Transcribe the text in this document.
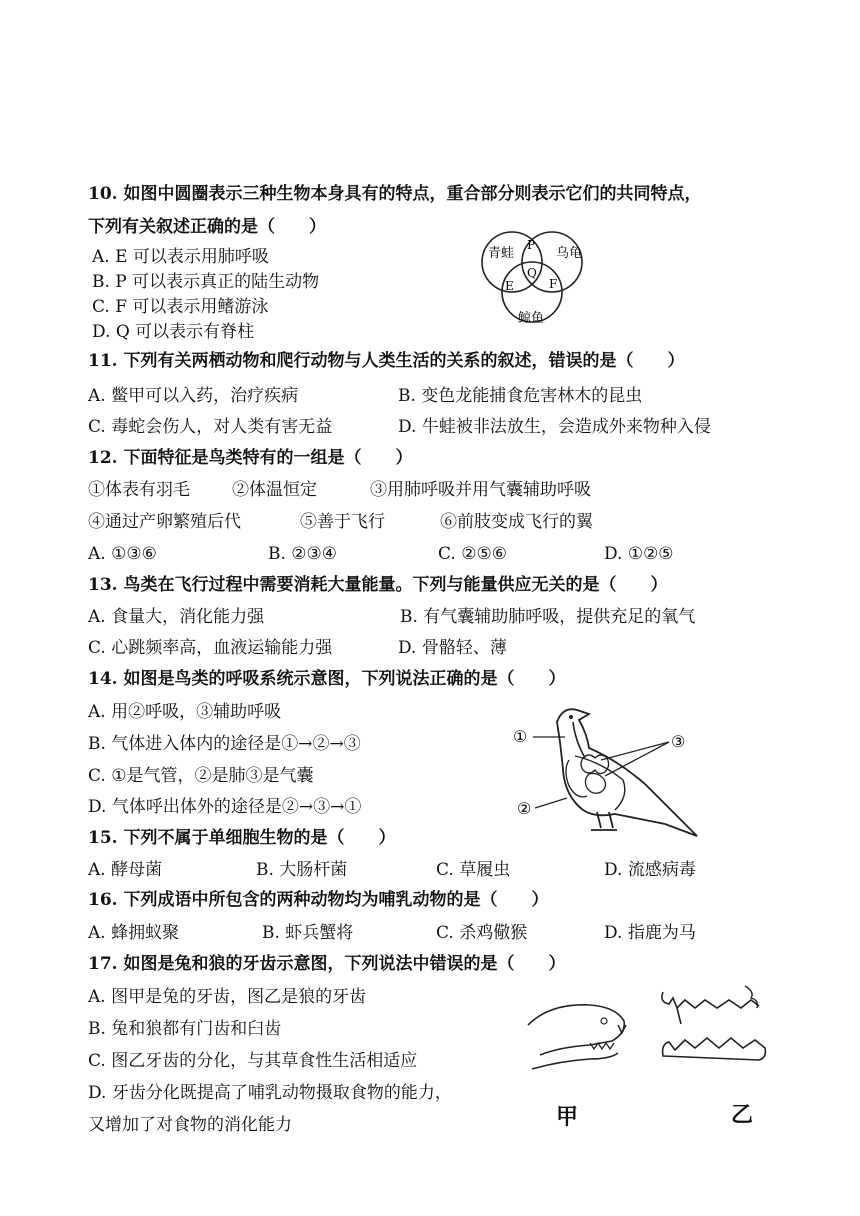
10. 如图中圆圈表示三种生物本身具有的特点，重合部分则表示它们的共同特点，
下列有关叙述正确的是（　　）
A. E 可以表示用肺呼吸
B. P 可以表示真正的陆生动物
C. F 可以表示用鳍游泳
D. Q 可以表示有脊柱
青蛙	乌龟
鲸鱼
P
Q
E	F
11. 下列有关两栖动物和爬行动物与人类生活的关系的叙述，错误的是（　　）
A. 鳖甲可以入药，治疗疾病	B. 变色龙能捕食危害林木的昆虫
C. 毒蛇会伤人，对人类有害无益	D. 牛蛙被非法放生，会造成外来物种入侵
12. 下面特征是鸟类特有的一组是（　　）
①体表有羽毛 ②体温恒定	③用肺呼吸并用气囊辅助呼吸
④通过产卵繁殖后代	⑤善于飞行	⑥前肢变成飞行的翼
A. ①③⑥	B. ②③④	C. ②⑤⑥	D. ①②⑤
13. 鸟类在飞行过程中需要消耗大量能量。下列与能量供应无关的是（　　）
A. 食量大，消化能力强	B. 有气囊辅助肺呼吸，提供充足的氧气
C. 心跳频率高，血液运输能力强	D. 骨骼轻、薄
14. 如图是鸟类的呼吸系统示意图，下列说法正确的是（　　）
A. 用②呼吸，③辅助呼吸
B. 气体进入体内的途径是①→②→③
C. ①是气管，②是肺③是气囊
D. 气体呼出体外的途径是②→③→①
①
②
③
15. 下列不属于单细胞生物的是（　　）
A. 酵母菌	B. 大肠杆菌	C. 草履虫	D. 流感病毒
16. 下列成语中所包含的两种动物均为哺乳动物的是（　　）
A. 蜂拥蚁聚	B. 虾兵蟹将	C. 杀鸡儆猴	D. 指鹿为马
17. 如图是兔和狼的牙齿示意图，下列说法中错误的是（　　）
A. 图甲是兔的牙齿，图乙是狼的牙齿
B. 兔和狼都有门齿和臼齿
C. 图乙牙齿的分化，与其草食性生活相适应
D. 牙齿分化既提高了哺乳动物摄取食物的能力，
又增加了对食物的消化能力	甲	乙
